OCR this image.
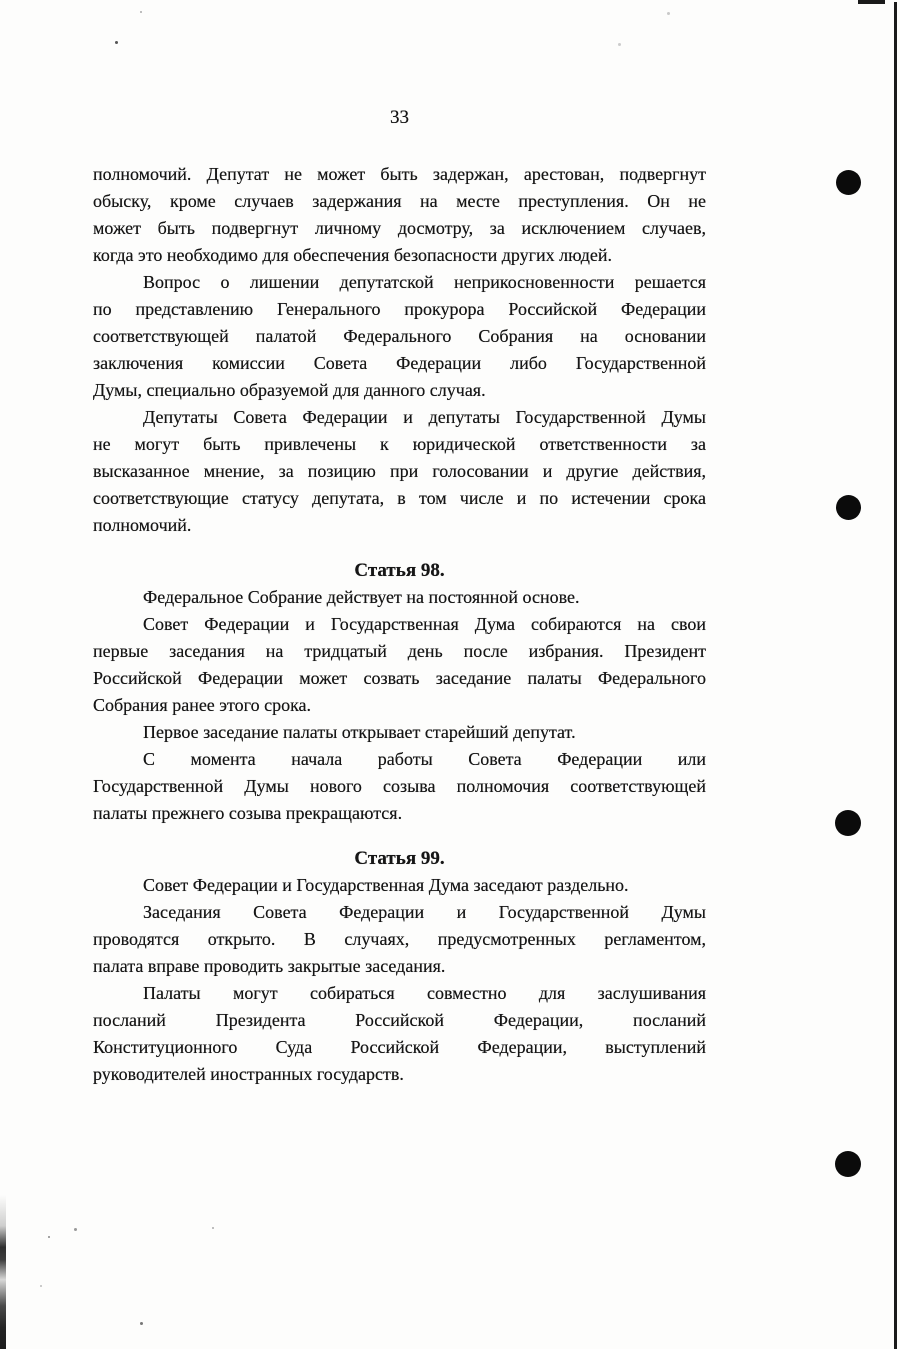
33
полномочий. Депутат не может быть задержан, арестован, подвергнут
обыску, кроме случаев задержания на месте преступления. Он не
может быть подвергнут личному досмотру, за исключением случаев,
когда это необходимо для обеспечения безопасности других людей.
Вопрос о лишении депутатской неприкосновенности решается
по представлению Генерального прокурора Российской Федерации
соответствующей палатой Федерального Собрания на основании
заключения комиссии Совета Федерации либо Государственной
Думы, специально образуемой для данного случая.
Депутаты Совета Федерации и депутаты Государственной Думы
не могут быть привлечены к юридической ответственности за
высказанное мнение, за позицию при голосовании и другие действия,
соответствующие статусу депутата, в том числе и по истечении срока
полномочий.
Статья 98.
Федеральное Собрание действует на постоянной основе.
Совет Федерации и Государственная Дума собираются на свои
первые заседания на тридцатый день после избрания. Президент
Российской Федерации может созвать заседание палаты Федерального
Собрания ранее этого срока.
Первое заседание палаты открывает старейший депутат.
С момента начала работы Совета Федерации или
Государственной Думы нового созыва полномочия соответствующей
палаты прежнего созыва прекращаются.
Статья 99.
Совет Федерации и Государственная Дума заседают раздельно.
Заседания Совета Федерации и Государственной Думы
проводятся открыто. В случаях, предусмотренных регламентом,
палата вправе проводить закрытые заседания.
Палаты могут собираться совместно для заслушивания
посланий Президента Российской Федерации, посланий
Конституционного Суда Российской Федерации, выступлений
руководителей иностранных государств.
